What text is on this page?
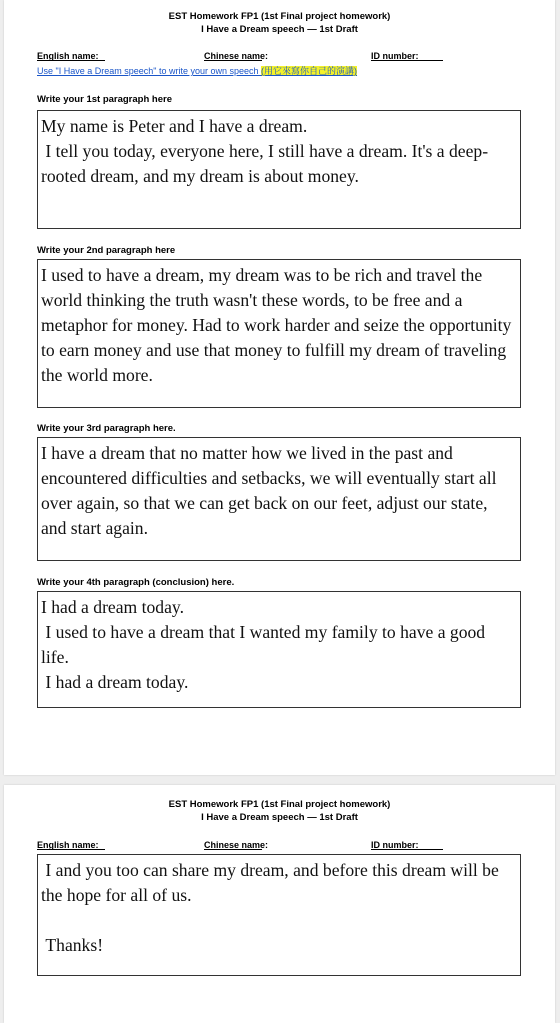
EST Homework FP1 (1st Final project homework)
I Have a Dream speech — 1st Draft
English name:	Chinese name:	ID number:
Use "I Have a Dream speech" to write your own speech (用它來寫你自己的演講)
Write your 1st paragraph here
My name is Peter and I have a dream.
I tell you today, everyone here, I still have a dream. It's a deep-rooted dream, and my dream is about money.
Write your 2nd paragraph here
I used to have a dream, my dream was to be rich and travel the world thinking the truth wasn't these words, to be free and a metaphor for money. Had to work harder and seize the opportunity to earn money and use that money to fulfill my dream of traveling the world more.
Write your 3rd paragraph here.
I have a dream that no matter how we lived in the past and encountered difficulties and setbacks, we will eventually start all over again, so that we can get back on our feet, adjust our state, and start again.
Write your 4th paragraph (conclusion) here.
I had a dream today.
I used to have a dream that I wanted my family to have a good life.
I had a dream today.
EST Homework FP1 (1st Final project homework)
I Have a Dream speech — 1st Draft
English name:	Chinese name:	ID number:
I and you too can share my dream, and before this dream will be the hope for all of us.

Thanks!
